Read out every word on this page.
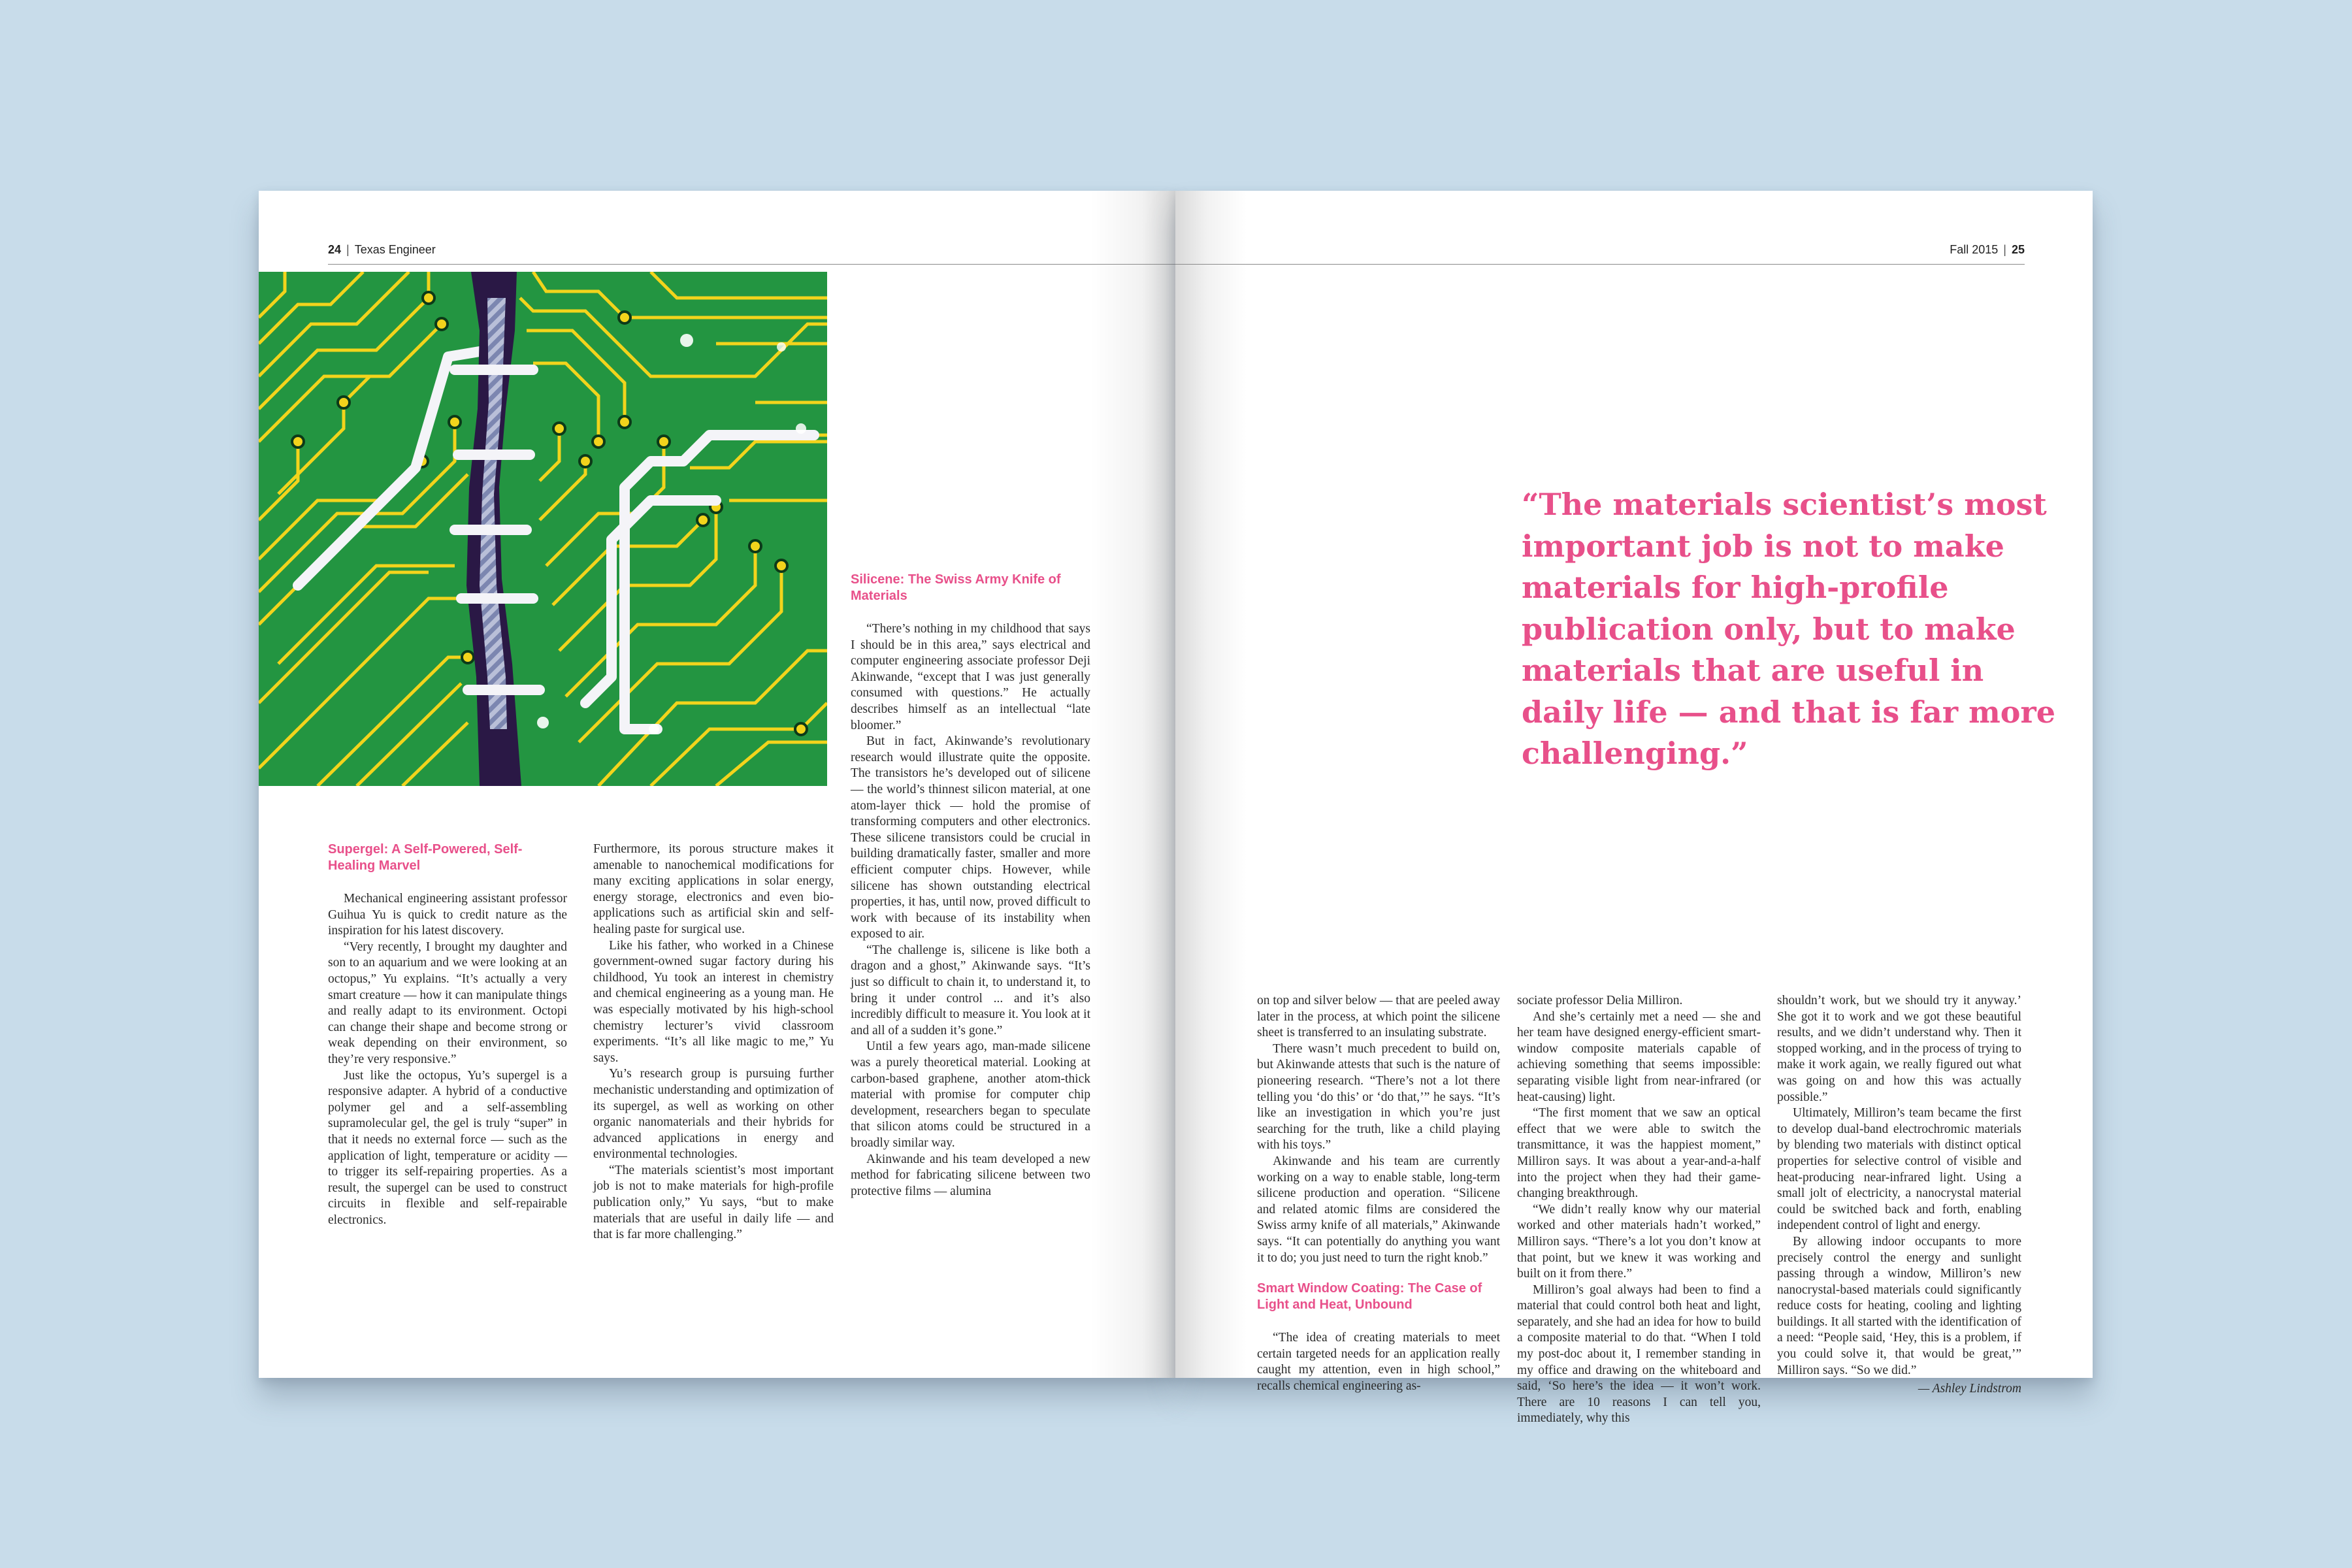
24 | Texas Engineer
Supergel: A Self-Powered, Self-Healing Marvel

Mechanical engineering assistant professor Guihua Yu is quick to credit nature as the inspiration for his latest discovery.

“Very recently, I brought my daughter and son to an aquarium and we were looking at an octopus,” Yu explains. “It’s actually a very smart creature — how it can manipulate things and really adapt to its environment. Octopi can change their shape and become strong or weak depending on their environment, so they’re very responsive.”

Just like the octopus, Yu’s supergel is a responsive adapter. A hybrid of a conductive polymer gel and a self-assembling supramolecular gel, the gel is truly “super” in that it needs no external force — such as the application of light, temperature or acidity — to trigger its self-repairing properties. As a result, the supergel can be used to construct circuits in flexible and self-repairable electronics.

Furthermore, its porous structure makes it amenable to nanochemical modifications for many exciting applications in solar energy, energy storage, electronics and even bio-applications such as artificial skin and self-healing paste for surgical use.

Like his father, who worked in a Chinese government-owned sugar factory during his childhood, Yu took an interest in chemistry and chemical engineering as a young man. He was especially motivated by his high-school chemistry lecturer’s vivid classroom experiments. “It’s all like magic to me,” Yu says.

Yu’s research group is pursuing further mechanistic understanding and optimization of its supergel, as well as working on other organic nanomaterials and their hybrids for advanced applications in energy and environmental technologies.

“The materials scientist’s most important job is not to make materials for high-profile publication only,” Yu says, “but to make materials that are useful in daily life — and that is far more challenging.”

Silicene: The Swiss Army Knife of Materials

“There’s nothing in my childhood that says I should be in this area,” says electrical and computer engineering associate professor Deji Akinwande, “except that I was just generally consumed with questions.” He actually describes himself as an intellectual “late bloomer.”

But in fact, Akinwande’s revolutionary research would illustrate quite the opposite. The transistors he’s developed out of silicene — the world’s thinnest silicon material, at one atom-layer thick — hold the promise of transforming computers and other electronics. These silicene transistors could be crucial in building dramatically faster, smaller and more efficient computer chips. However, while silicene has shown outstanding electrical properties, it has, until now, proved difficult to work with because of its instability when exposed to air.

“The challenge is, silicene is like both a dragon and a ghost,” Akinwande says. “It’s just so difficult to chain it, to understand it, to bring it under control ... and it’s also incredibly difficult to measure it. You look at it and all of a sudden it’s gone.”

Until a few years ago, man-made silicene was a purely theoretical material. Looking at carbon-based graphene, another atom-thick material with promise for computer chip development, researchers began to speculate that silicon atoms could be structured in a broadly similar way.

Akinwande and his team developed a new method for fabricating silicene between two protective films — alumina

Fall 2015 | 25
“The materials scientist’s most important job is not to make materials for high-profile publication only, but to make materials that are useful in daily life — and that is far more challenging.”

on top and silver below — that are peeled away later in the process, at which point the silicene sheet is transferred to an insulating substrate.

There wasn’t much precedent to build on, but Akinwande attests that such is the nature of pioneering research. “There’s not a lot there telling you ‘do this’ or ‘do that,’” he says. “It’s like an investigation in which you’re just searching for the truth, like a child playing with his toys.”

Akinwande and his team are currently working on a way to enable stable, long-term silicene production and operation. “Silicene and related atomic films are considered the Swiss army knife of all materials,” Akinwande says. “It can potentially do anything you want it to do; you just need to turn the right knob.”

Smart Window Coating: The Case of Light and Heat, Unbound

“The idea of creating materials to meet certain targeted needs for an application really caught my attention, even in high school,” recalls chemical engineering as-

sociate professor Delia Milliron.

And she’s certainly met a need — she and her team have designed energy-efficient smart-window composite materials capable of achieving something that seems impossible: separating visible light from near-infrared (or heat-causing) light.

“The first moment that we saw an optical effect that we were able to switch the transmittance, it was the happiest moment,” Milliron says. It was about a year-and-a-half into the project when they had their game-changing breakthrough.

“We didn’t really know why our material worked and other materials hadn’t worked,” Milliron says. “There’s a lot you don’t know at that point, but we knew it was working and built on it from there.”

Milliron’s goal always had been to find a material that could control both heat and light, separately, and she had an idea for how to build a composite material to do that. “When I told my post-doc about it, I remember standing in my office and drawing on the whiteboard and said, ‘So here’s the idea — it won’t work. There are 10 reasons I can tell you, immediately, why this

shouldn’t work, but we should try it anyway.’ She got it to work and we got these beautiful results, and we didn’t understand why. Then it stopped working, and in the process of trying to make it work again, we really figured out what was going on and how this was actually possible.”

Ultimately, Milliron’s team became the first to develop dual-band electrochromic materials by blending two materials with distinct optical properties for selective control of visible and heat-producing near-infrared light. Using a small jolt of electricity, a nanocrystal material could be switched back and forth, enabling independent control of light and energy.

By allowing indoor occupants to more precisely control the energy and sunlight passing through a window, Milliron’s new nanocrystal-based materials could significantly reduce costs for heating, cooling and lighting buildings. It all started with the identification of a need: “People said, ‘Hey, this is a problem, if you could solve it, that would be great,’” Milliron says. “So we did.”

— Ashley Lindstrom
